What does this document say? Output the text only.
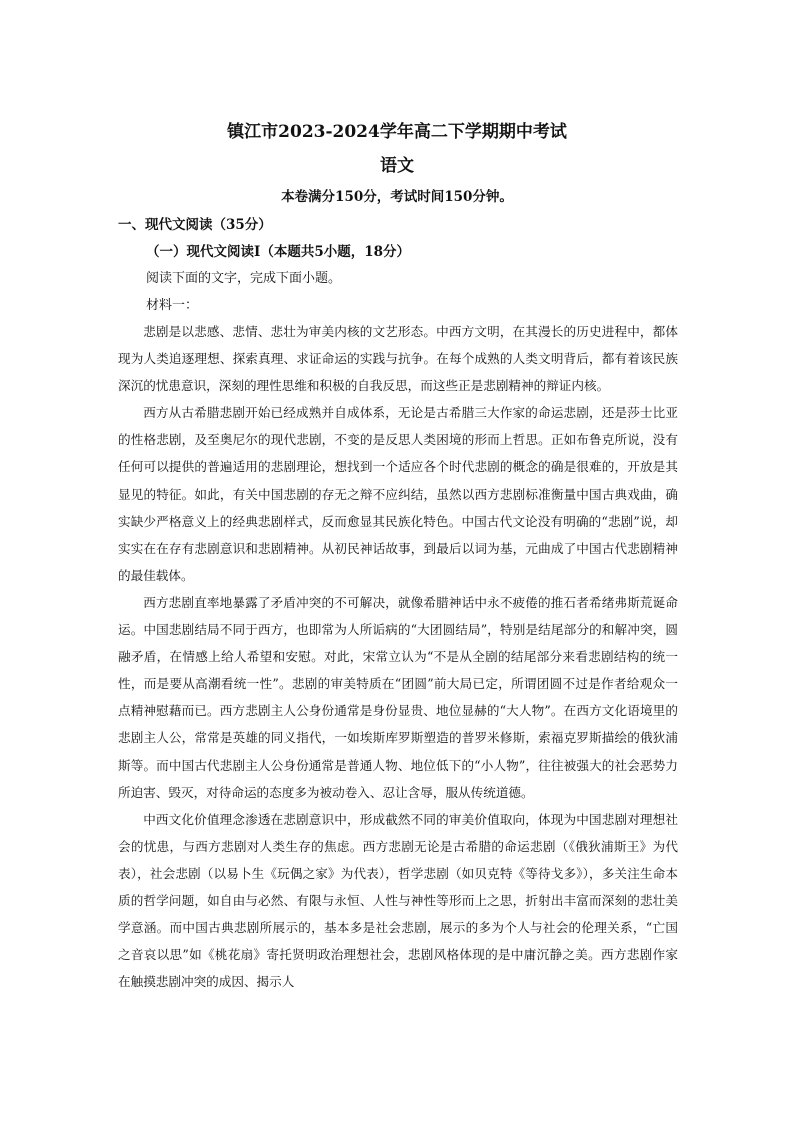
镇江市2023-2024学年高二下学期期中考试
语文
本卷满分150分，考试时间150分钟。
一、现代文阅读（35分）
（一）现代文阅读Ⅰ（本题共5小题，18分）
阅读下面的文字，完成下面小题。
材料一：

悲剧是以悲感、悲情、悲壮为审美内核的文艺形态。中西方文明，在其漫长的历史进程中，都体现为人类追逐理想、探索真理、求证命运的实践与抗争。在每个成熟的人类文明背后，都有着该民族深沉的忧患意识，深刻的理性思维和积极的自我反思，而这些正是悲剧精神的辩证内核。

西方从古希腊悲剧开始已经成熟并自成体系，无论是古希腊三大作家的命运悲剧，还是莎士比亚的性格悲剧，及至奥尼尔的现代悲剧，不变的是反思人类困境的形而上哲思。正如布鲁克所说，没有任何可以提供的普遍适用的悲剧理论，想找到一个适应各个时代悲剧的概念的确是很难的，开放是其显见的特征。如此，有关中国悲剧的存无之辩不应纠结，虽然以西方悲剧标准衡量中国古典戏曲，确实缺少严格意义上的经典悲剧样式，反而愈显其民族化特色。中国古代文论没有明确的“悲剧”说，却实实在在存有悲剧意识和悲剧精神。从初民神话故事，到最后以词为基，元曲成了中国古代悲剧精神的最佳载体。

西方悲剧直率地暴露了矛盾冲突的不可解决，就像希腊神话中永不疲倦的推石者希绪弗斯荒诞命运。中国悲剧结局不同于西方，也即常为人所诟病的“大团圆结局”，特别是结尾部分的和解冲突，圆融矛盾，在情感上给人希望和安慰。对此，宋常立认为“不是从全剧的结尾部分来看悲剧结构的统一性，而是要从高潮看统一性”。悲剧的审美特质在“团圆”前大局已定，所谓团圆不过是作者给观众一点精神慰藉而已。西方悲剧主人公身份通常是身份显贵、地位显赫的“大人物”。在西方文化语境里的悲剧主人公，常常是英雄的同义指代，一如埃斯库罗斯塑造的普罗米修斯，索福克罗斯描绘的俄狄浦斯等。而中国古代悲剧主人公身份通常是普通人物、地位低下的“小人物”，往往被强大的社会恶势力所迫害、毁灭，对待命运的态度多为被动卷入、忍让含辱，服从传统道德。

中西文化价值理念渗透在悲剧意识中，形成截然不同的审美价值取向，体现为中国悲剧对理想社会的忧患，与西方悲剧对人类生存的焦虑。西方悲剧无论是古希腊的命运悲剧（《俄狄浦斯王》为代表），社会悲剧（以易卜生《玩偶之家》为代表），哲学悲剧（如贝克特《等待戈多》），多关注生命本质的哲学问题，如自由与必然、有限与永恒、人性与神性等形而上之思，折射出丰富而深刻的悲壮美学意涵。而中国古典悲剧所展示的，基本多是社会悲剧，展示的多为个人与社会的伦理关系，“亡国之音哀以思”如《桃花扇》寄托贤明政治理想社会，悲剧风格体现的是中庸沉静之美。西方悲剧作家在触摸悲剧冲突的成因、揭示人
